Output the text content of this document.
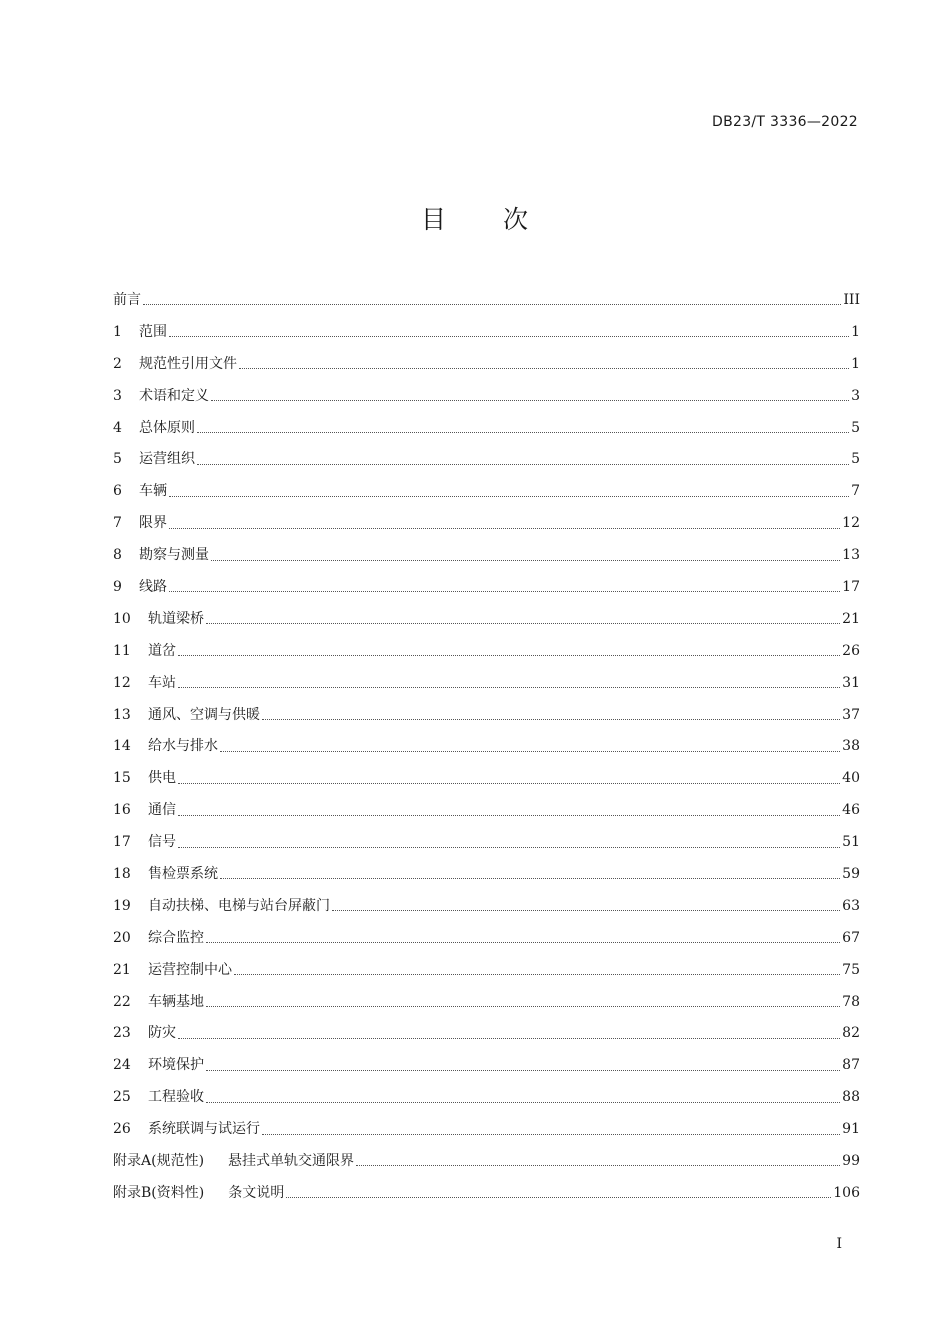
DB23/T 3336—2022
目 次
前言	III
1	范围	1
2	规范性引用文件	1
3	术语和定义	3
4	总体原则	5
5	运营组织	5
6	车辆	7
7	限界	12
8	勘察与测量	13
9	线路	17
10	轨道梁桥	21
11	道岔	26
12	车站	31
13	通风、空调与供暖	37
14	给水与排水	38
15	供电	40
16	通信	46
17	信号	51
18	售检票系统	59
19	自动扶梯、电梯与站台屏蔽门	63
20	综合监控	67
21	运营控制中心	75
22	车辆基地	78
23	防灾	82
24	环境保护	87
25	工程验收	88
26	系统联调与试运行	91
附录A(规范性) 悬挂式单轨交通限界	99
附录B(资料性) 条文说明	106
I
